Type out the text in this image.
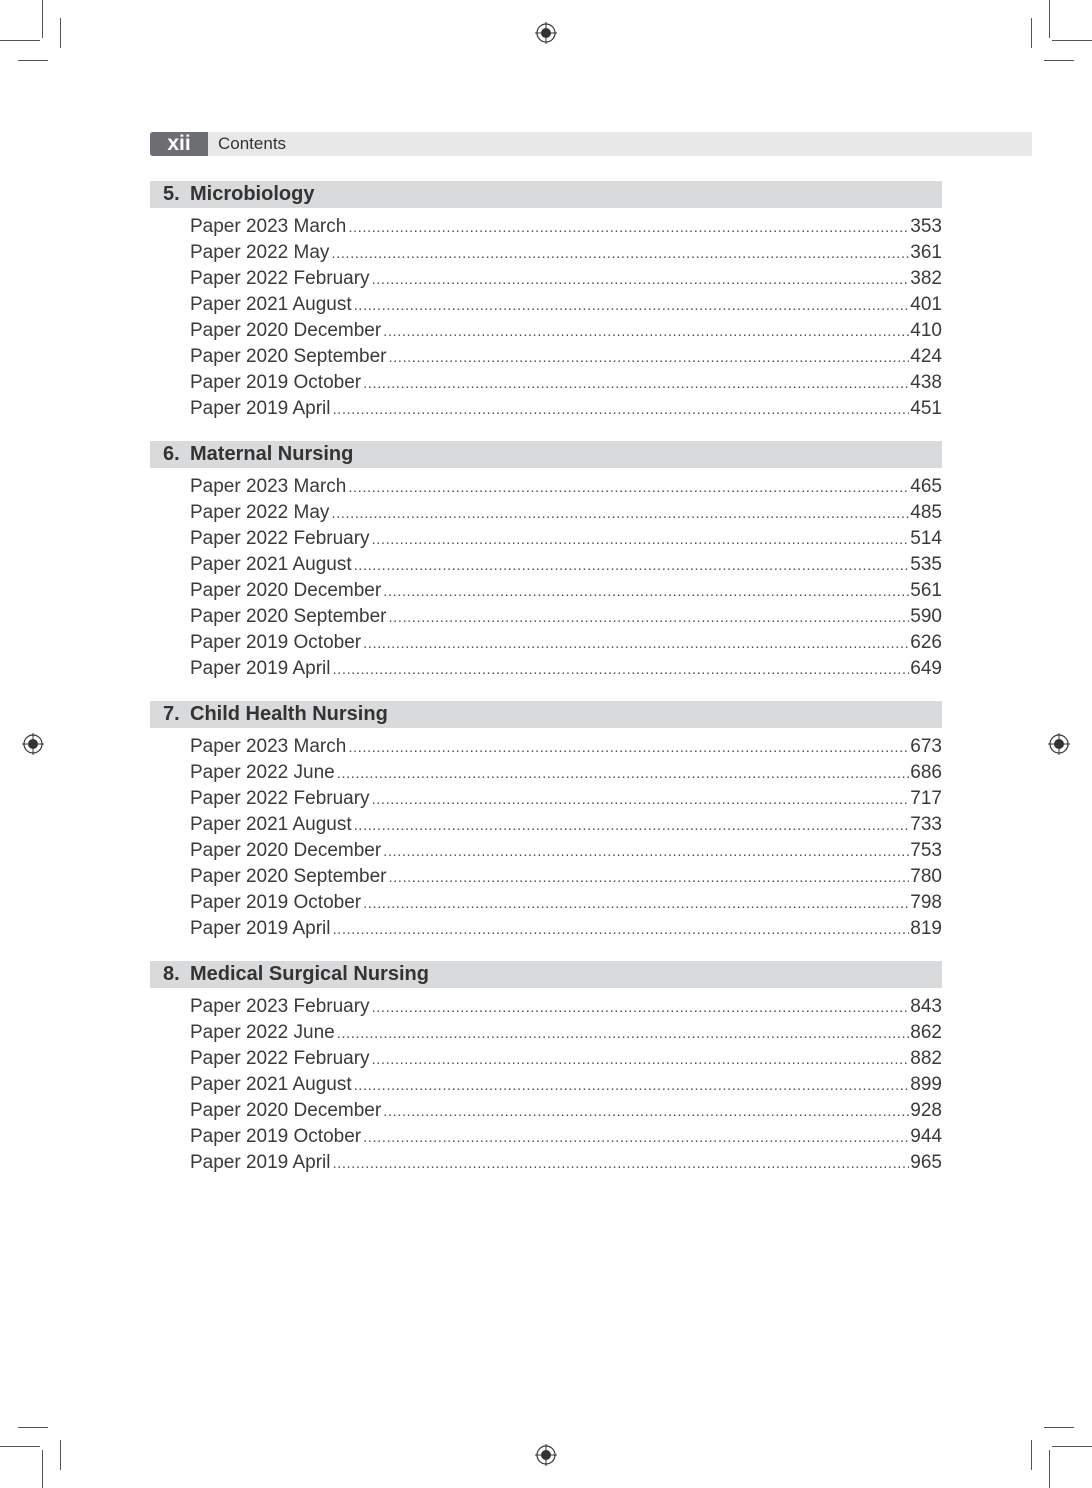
xii	Contents
5. Microbiology
Paper 2023 March .....	353
Paper 2022 May .....	361
Paper 2022 February .....	382
Paper 2021 August .....	401
Paper 2020 December .....	410
Paper 2020 September .....	424
Paper 2019 October .....	438
Paper 2019 April .....	451
6. Maternal Nursing
Paper 2023 March .....	465
Paper 2022 May .....	485
Paper 2022 February .....	514
Paper 2021 August .....	535
Paper 2020 December .....	561
Paper 2020 September .....	590
Paper 2019 October .....	626
Paper 2019 April .....	649
7. Child Health Nursing
Paper 2023 March .....	673
Paper 2022 June .....	686
Paper 2022 February .....	717
Paper 2021 August .....	733
Paper 2020 December .....	753
Paper 2020 September .....	780
Paper 2019 October .....	798
Paper 2019 April .....	819
8. Medical Surgical Nursing
Paper 2023 February .....	843
Paper 2022 June .....	862
Paper 2022 February .....	882
Paper 2021 August .....	899
Paper 2020 December .....	928
Paper 2019 October .....	944
Paper 2019 April .....	965
